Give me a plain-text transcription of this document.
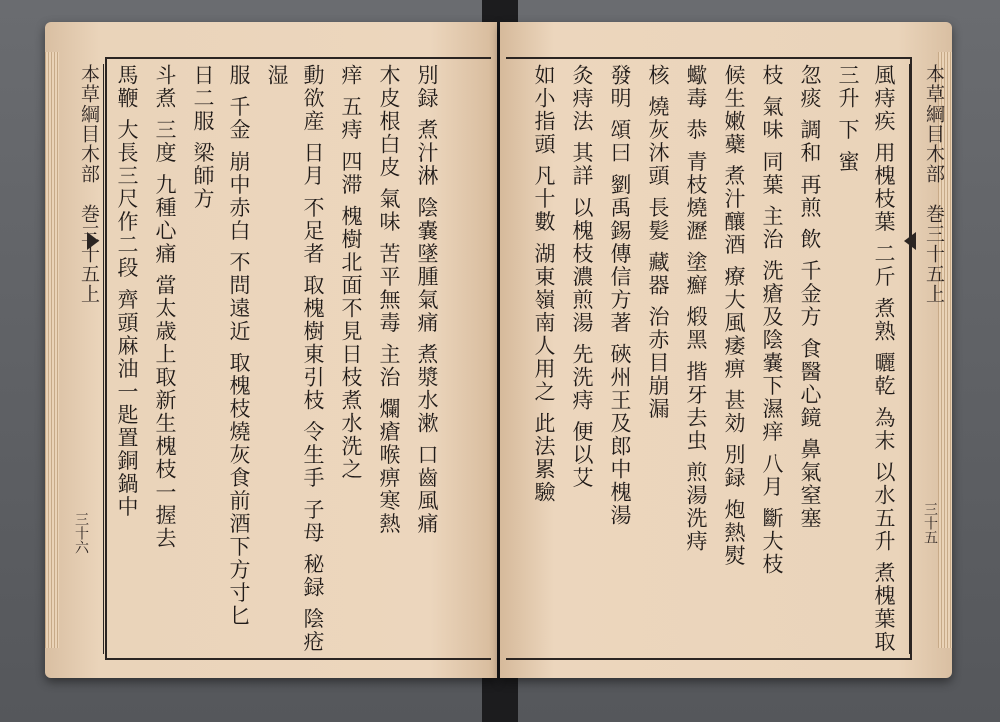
本草綱目木部　巻三十五上
三十六	別録 煮汁淋 陰嚢墜腫氣痛 煮漿水漱 口齒風痛
木皮根白皮 氣味 苦平無毒 主治 爛瘡喉痹寒熱
痒 五痔 四滞 槐樹北面不見日枝煮水洗之
動欲産 日月 不足者 取槐樹東引枝 令生手 子母 秘録 陰疮湿
服 千金 崩中赤白 不問遠近 取槐枝燒灰食前酒下方寸匕 日二服 梁師方
斗煮 三度 九種心痛 當太歳上取新生槐枝一握去
馬鞭 大長三尺作二段 齊頭麻油一匙置銅鍋中	本草綱目木部　巻三十五上
三十五
風痔疾 用槐枝葉 二斤 煮熟 曬乾 為末 以水五升 煮槐葉取 三升 下 蜜
忽痰 調和 再煎 飲 千金方 食醫心鏡 鼻氣窒塞
枝 氣味 同葉 主治 洗瘡及陰嚢下濕痒 八月 斷大枝
候生嫩蘗 煮汁釀酒 療大風痿痹 甚効 別録 炮熱熨
蠍毒 恭 青枝燒瀝 塗癬 煅黑 揩牙去虫 煎湯洗痔
核 燒灰沐頭 長髪 藏器 治赤目崩漏
發明 頌曰 劉禹錫傳信方著 硤州王及郎中槐湯
灸痔法 其詳 以槐枝濃煎湯 先洗痔 便以艾
如小指頭 凡十數 湖東嶺南人用之 此法累驗
